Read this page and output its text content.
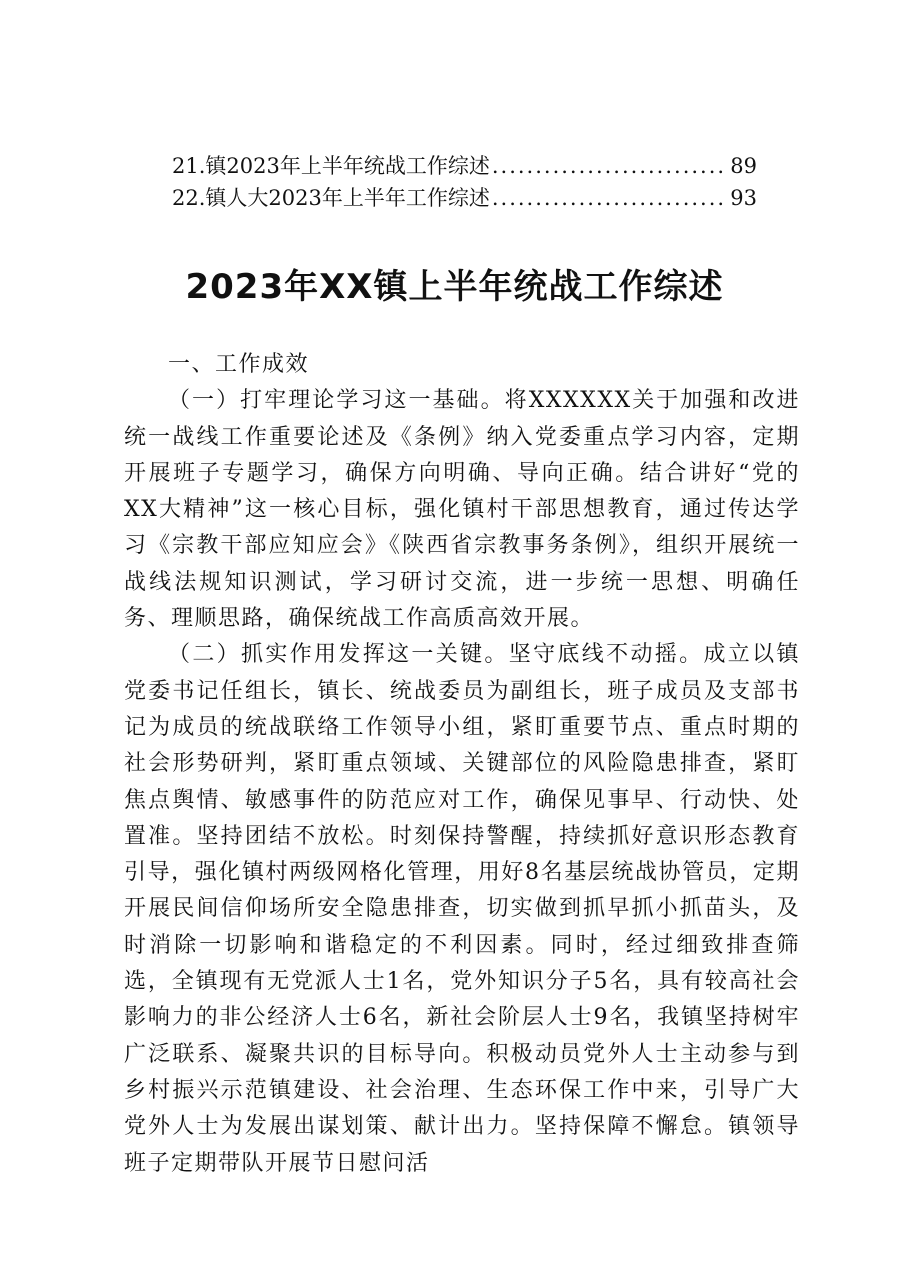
21.镇2023年上半年统战工作综述 .....	89
22.镇人大2023年上半年工作综述 .....	93
2023年XX镇上半年统战工作综述

一、工作成效

（一）打牢理论学习这一基础。将XXXXXX关于加强和改进统一战线工作重要论述及《条例》纳入党委重点学习内容，定期开展班子专题学习，确保方向明确、导向正确。结合讲好“党的XX大精神”这一核心目标，强化镇村干部思想教育，通过传达学习《宗教干部应知应会》《陕西省宗教事务条例》，组织开展统一战线法规知识测试，学习研讨交流，进一步统一思想、明确任务、理顺思路，确保统战工作高质高效开展。

（二）抓实作用发挥这一关键。坚守底线不动摇。成立以镇党委书记任组长，镇长、统战委员为副组长，班子成员及支部书记为成员的统战联络工作领导小组，紧盯重要节点、重点时期的社会形势研判，紧盯重点领域、关键部位的风险隐患排查，紧盯焦点舆情、敏感事件的防范应对工作，确保见事早、行动快、处置准。坚持团结不放松。时刻保持警醒，持续抓好意识形态教育引导，强化镇村两级网格化管理，用好8名基层统战协管员，定期开展民间信仰场所安全隐患排查，切实做到抓早抓小抓苗头，及时消除一切影响和谐稳定的不利因素。同时，经过细致排查筛选，全镇现有无党派人士1名，党外知识分子5名，具有较高社会影响力的非公经济人士6名，新社会阶层人士9名，我镇坚持树牢广泛联系、凝聚共识的目标导向。积极动员党外人士主动参与到乡村振兴示范镇建设、社会治理、生态环保工作中来，引导广大党外人士为发展出谋划策、献计出力。坚持保障不懈怠。镇领导班子定期带队开展节日慰问活
